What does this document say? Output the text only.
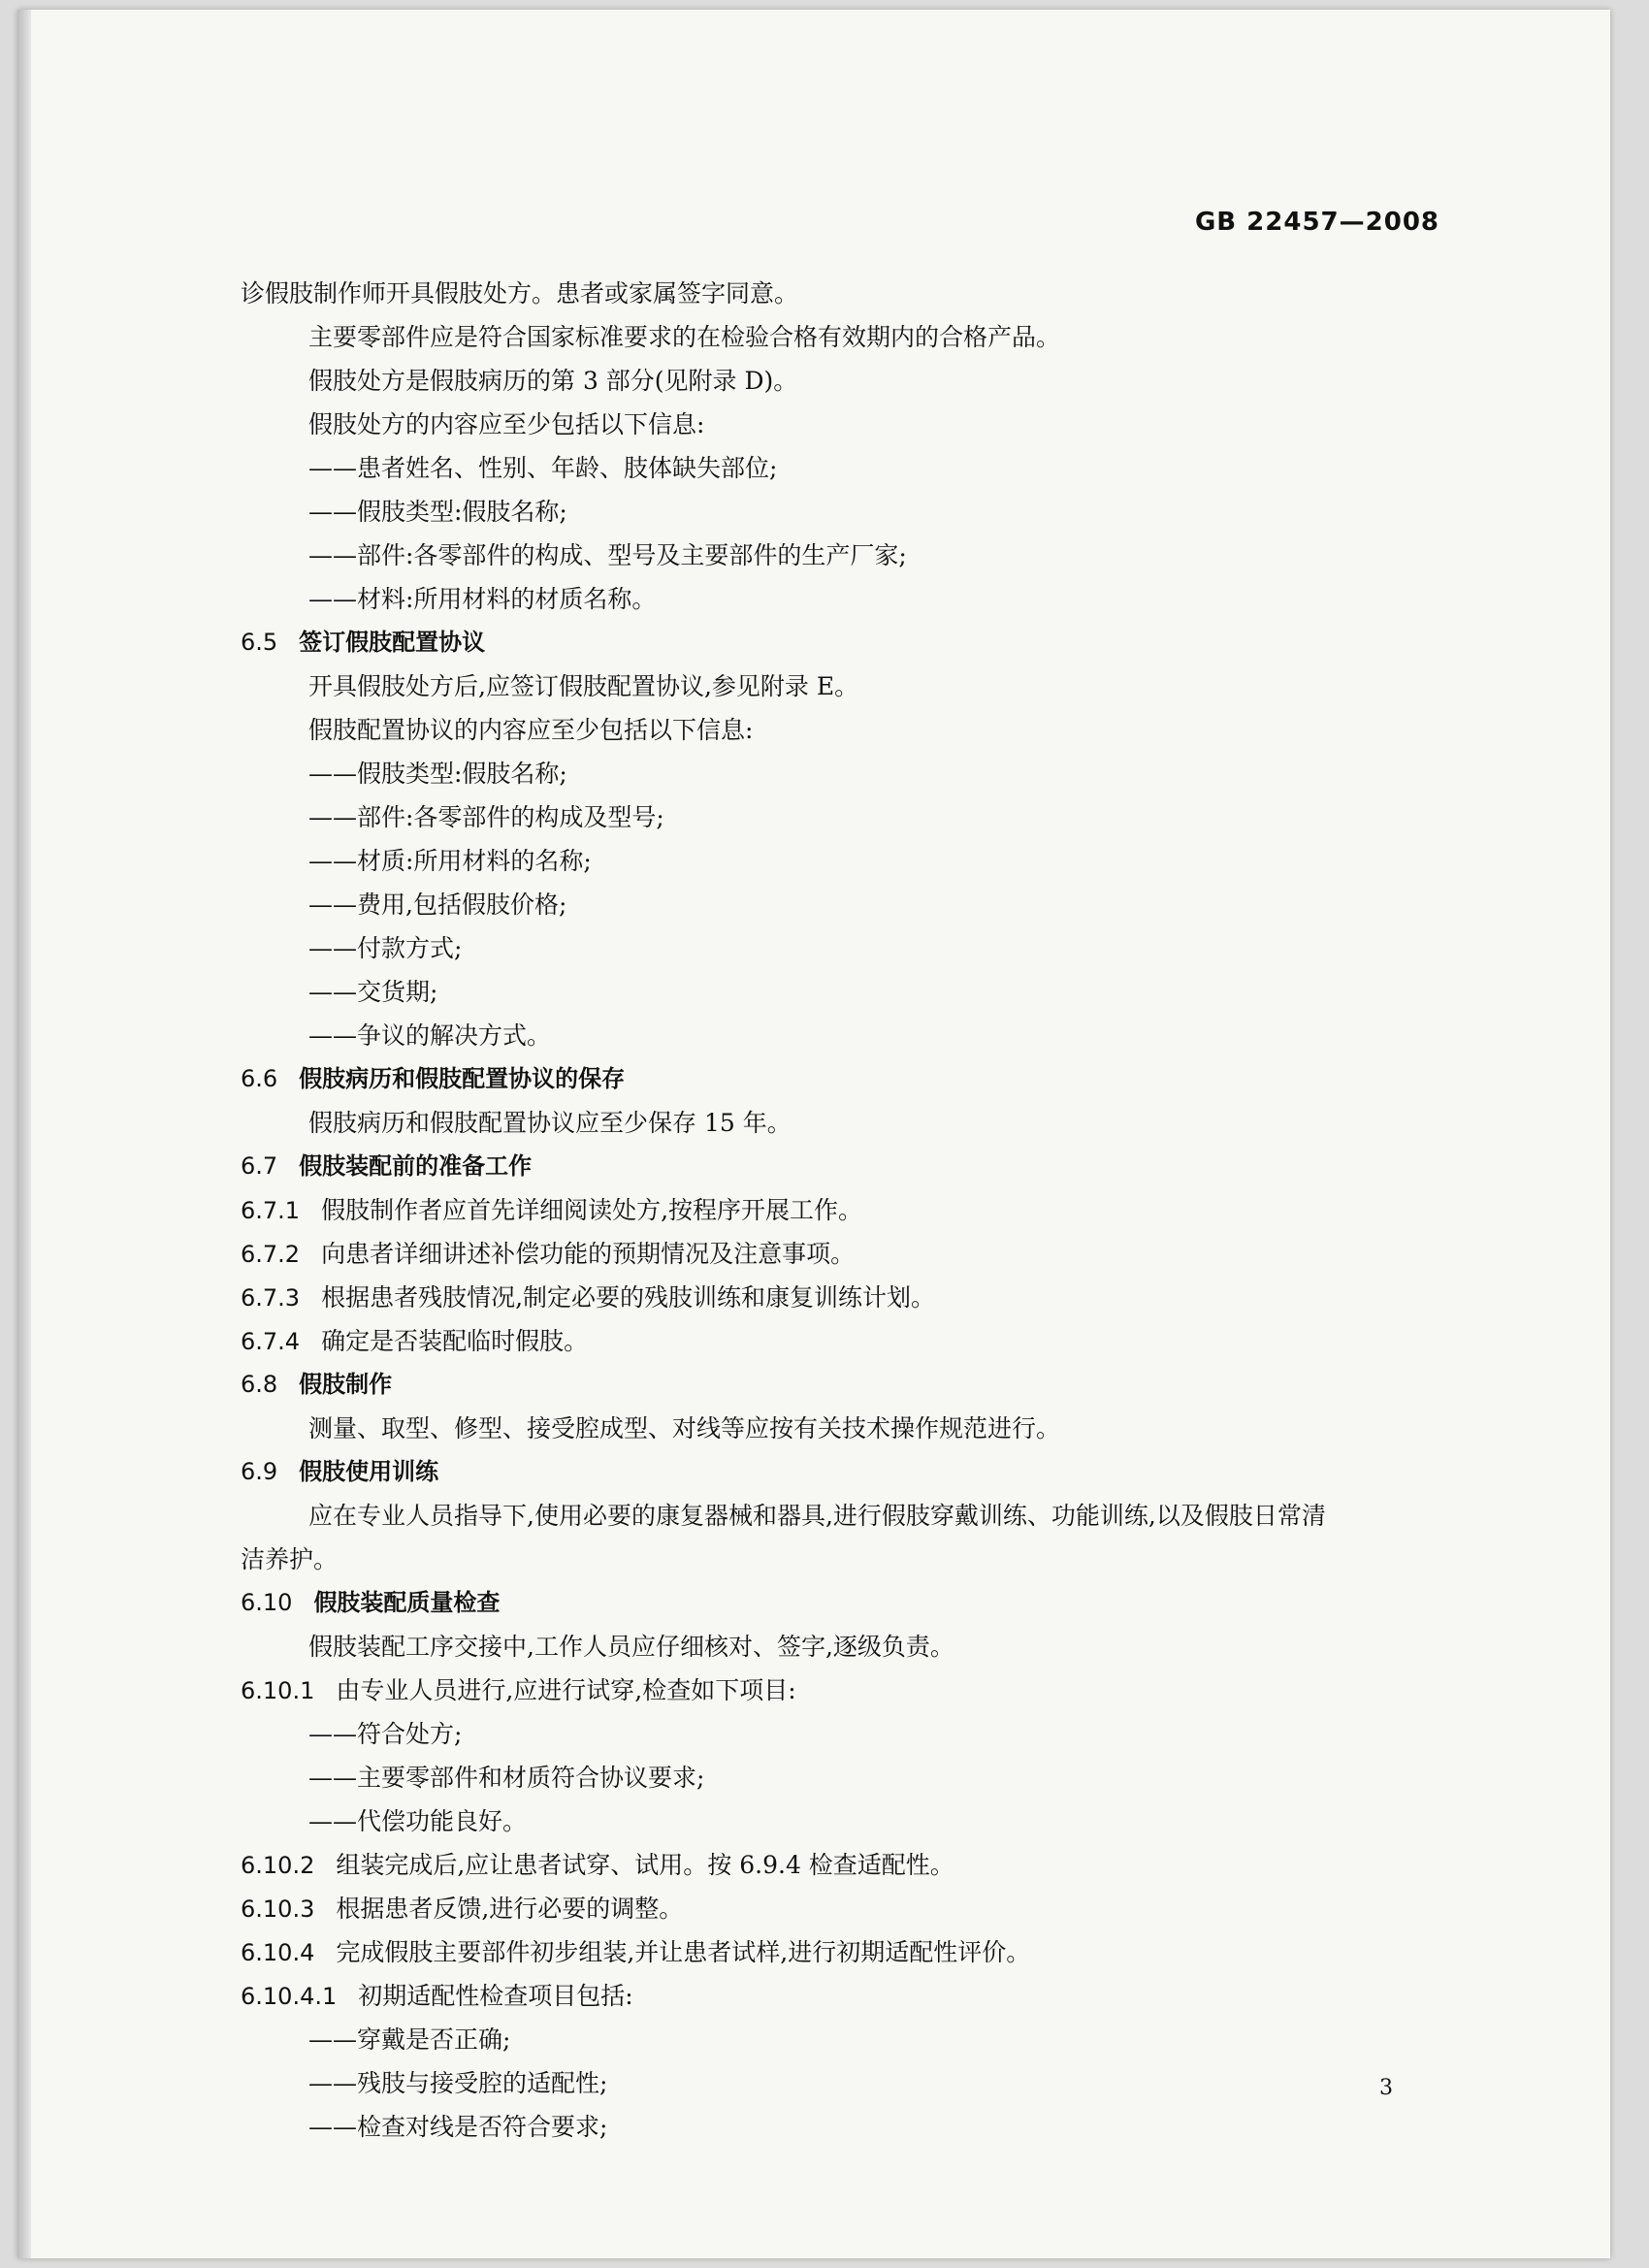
GB 22457—2008
诊假肢制作师开具假肢处方。患者或家属签字同意。
主要零部件应是符合国家标准要求的在检验合格有效期内的合格产品。
假肢处方是假肢病历的第 3 部分(见附录 D)。
假肢处方的内容应至少包括以下信息:
——患者姓名、性别、年龄、肢体缺失部位;
——假肢类型:假肢名称;
——部件:各零部件的构成、型号及主要部件的生产厂家;
——材料:所用材料的材质名称。
6.5 签订假肢配置协议
开具假肢处方后,应签订假肢配置协议,参见附录 E。
假肢配置协议的内容应至少包括以下信息:
——假肢类型:假肢名称;
——部件:各零部件的构成及型号;
——材质:所用材料的名称;
——费用,包括假肢价格;
——付款方式;
——交货期;
——争议的解决方式。
6.6 假肢病历和假肢配置协议的保存
假肢病历和假肢配置协议应至少保存 15 年。
6.7 假肢装配前的准备工作
6.7.1 假肢制作者应首先详细阅读处方,按程序开展工作。
6.7.2 向患者详细讲述补偿功能的预期情况及注意事项。
6.7.3 根据患者残肢情况,制定必要的残肢训练和康复训练计划。
6.7.4 确定是否装配临时假肢。
6.8 假肢制作
测量、取型、修型、接受腔成型、对线等应按有关技术操作规范进行。
6.9 假肢使用训练
应在专业人员指导下,使用必要的康复器械和器具,进行假肢穿戴训练、功能训练,以及假肢日常清
洁养护。
6.10 假肢装配质量检查
假肢装配工序交接中,工作人员应仔细核对、签字,逐级负责。
6.10.1 由专业人员进行,应进行试穿,检查如下项目:
——符合处方;
——主要零部件和材质符合协议要求;
——代偿功能良好。
6.10.2 组装完成后,应让患者试穿、试用。按 6.9.4 检查适配性。
6.10.3 根据患者反馈,进行必要的调整。
6.10.4 完成假肢主要部件初步组装,并让患者试样,进行初期适配性评价。
6.10.4.1 初期适配性检查项目包括:
——穿戴是否正确;
——残肢与接受腔的适配性;
——检查对线是否符合要求;
3
